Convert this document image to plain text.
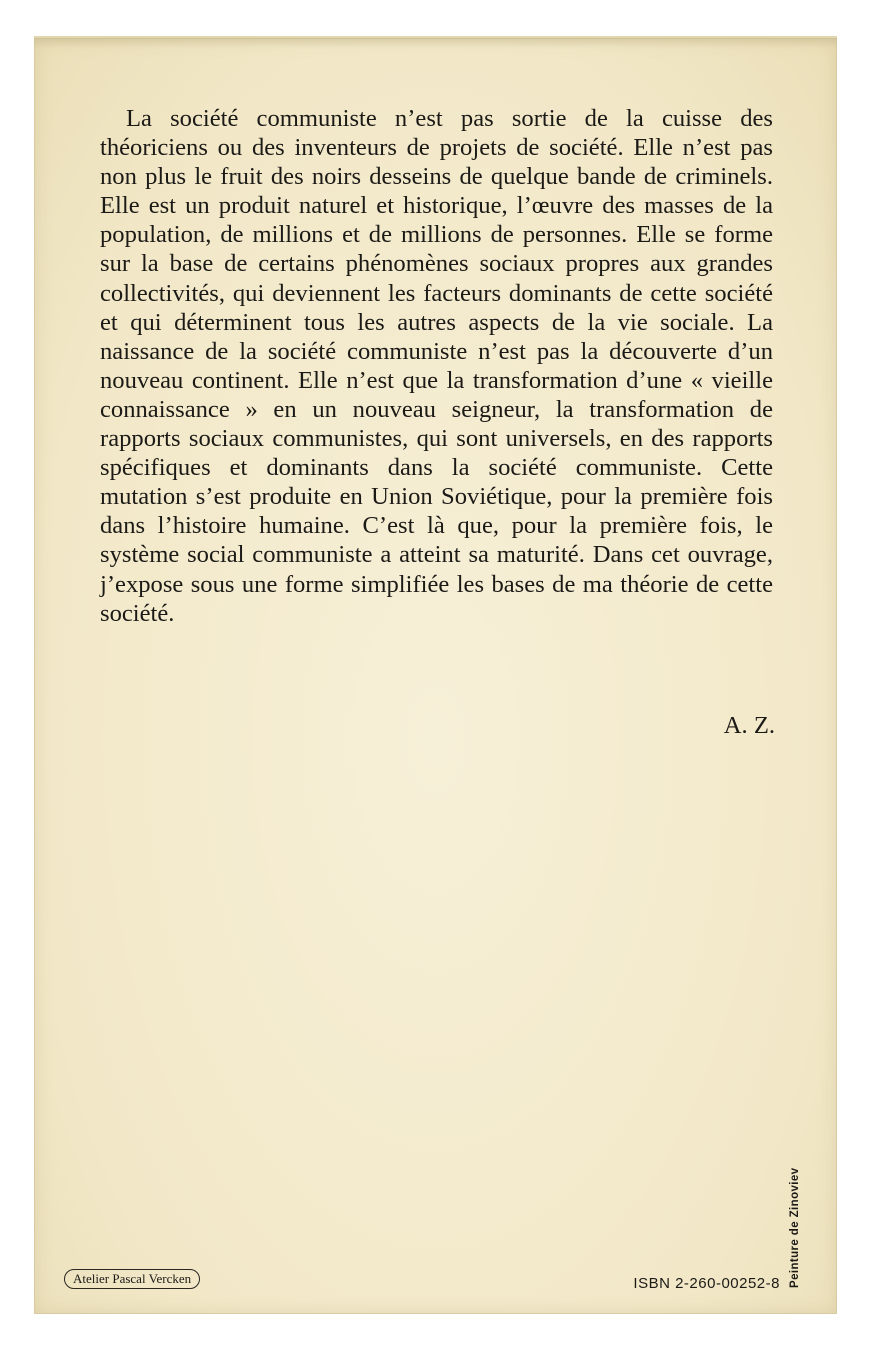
La société communiste n’est pas sortie de la cuisse des théoriciens ou des inventeurs de projets de société. Elle n’est pas non plus le fruit des noirs desseins de quelque bande de criminels. Elle est un produit naturel et historique, l’œuvre des masses de la population, de millions et de millions de personnes. Elle se forme sur la base de certains phénomènes sociaux propres aux grandes collectivités, qui deviennent les facteurs dominants de cette société et qui déterminent tous les autres aspects de la vie sociale. La naissance de la société communiste n’est pas la découverte d’un nouveau continent. Elle n’est que la transformation d’une « vieille connaissance » en un nouveau seigneur, la transformation de rapports sociaux communistes, qui sont universels, en des rapports spécifiques et dominants dans la société communiste. Cette mutation s’est produite en Union Soviétique, pour la première fois dans l’histoire humaine. C’est là que, pour la première fois, le système social communiste a atteint sa maturité. Dans cet ouvrage, j’expose sous une forme simplifiée les bases de ma théorie de cette société.

A. Z.
Atelier Pascal Vercken	ISBN 2-260-00252-8 Peinture de Zinoviev
